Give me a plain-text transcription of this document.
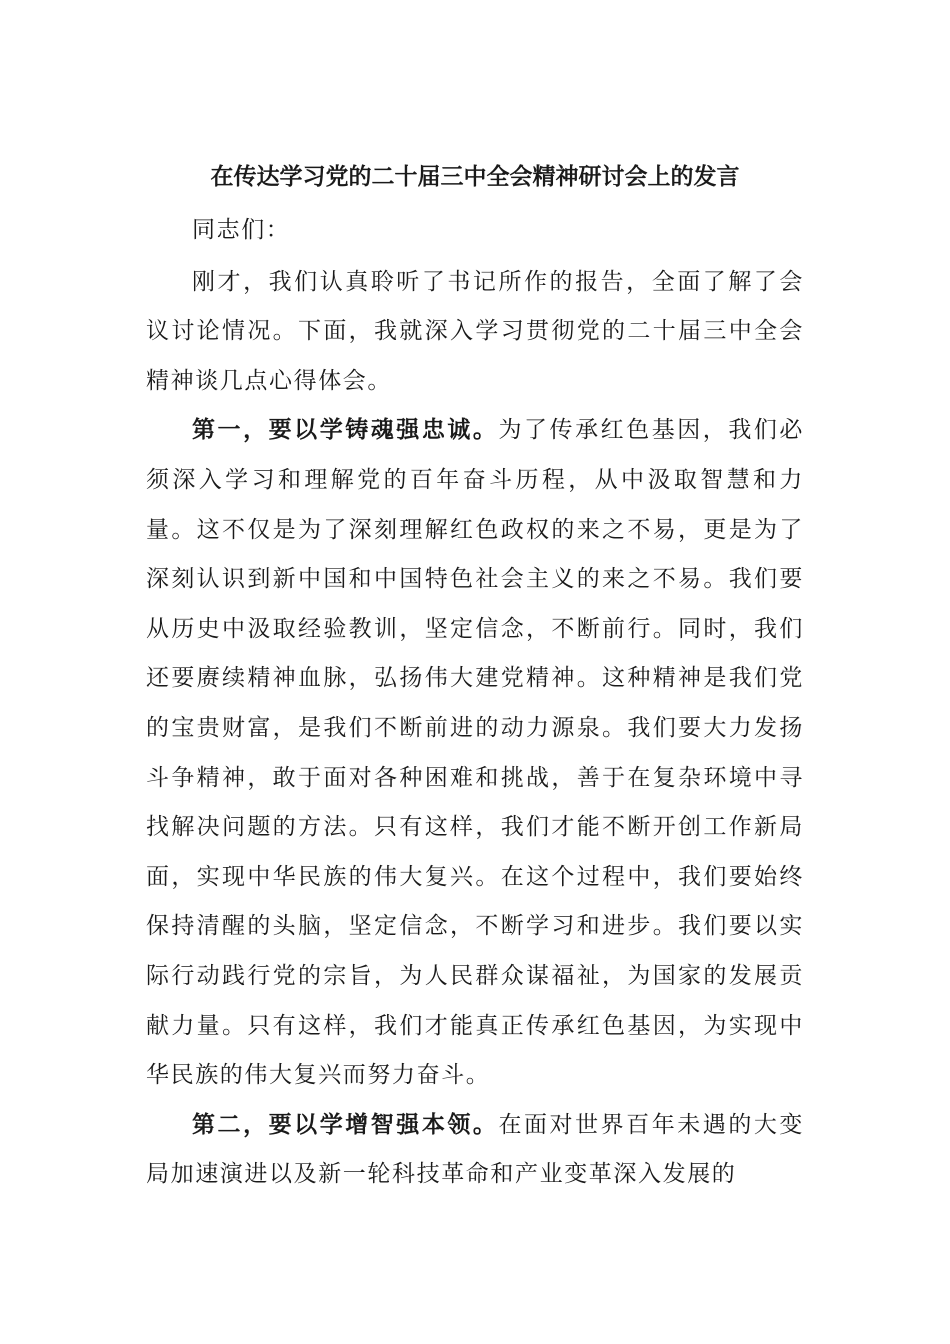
在传达学习党的二十届三中全会精神研讨会上的发言

同志们：

刚才，我们认真聆听了书记所作的报告，全面了解了会议讨论情况。下面，我就深入学习贯彻党的二十届三中全会精神谈几点心得体会。

第一，要以学铸魂强忠诚。为了传承红色基因，我们必须深入学习和理解党的百年奋斗历程，从中汲取智慧和力量。这不仅是为了深刻理解红色政权的来之不易，更是为了深刻认识到新中国和中国特色社会主义的来之不易。我们要从历史中汲取经验教训，坚定信念，不断前行。同时，我们还要赓续精神血脉，弘扬伟大建党精神。这种精神是我们党的宝贵财富，是我们不断前进的动力源泉。我们要大力发扬斗争精神，敢于面对各种困难和挑战，善于在复杂环境中寻找解决问题的方法。只有这样，我们才能不断开创工作新局面，实现中华民族的伟大复兴。在这个过程中，我们要始终保持清醒的头脑，坚定信念，不断学习和进步。我们要以实际行动践行党的宗旨，为人民群众谋福祉，为国家的发展贡献力量。只有这样，我们才能真正传承红色基因，为实现中华民族的伟大复兴而努力奋斗。

第二，要以学增智强本领。在面对世界百年未遇的大变局加速演进以及新一轮科技革命和产业变革深入发展的
